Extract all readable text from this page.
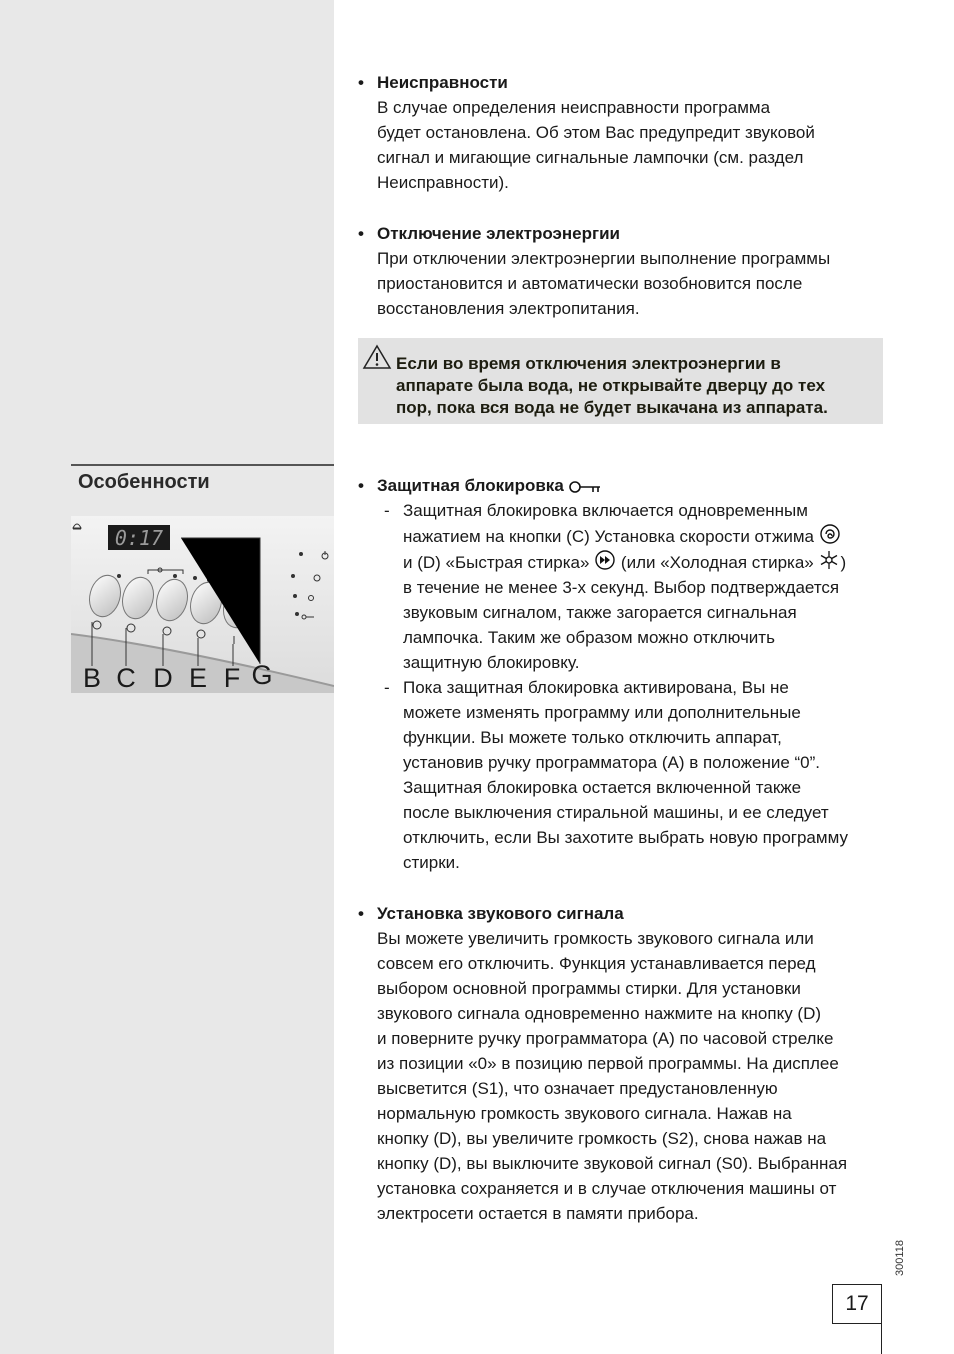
• Неисправности
В случае определения неисправности программа
будет остановлена. Об этом Вас предупредит звуковой
сигнал и мигающие сигнальные лампочки (см. раздел
Неисправности).
• Отключение электроэнергии
При отключении электроэнергии выполнение программы
приостановится и автоматически возобновится после
восстановления электропитания.
Если во время отключения электроэнергии в
аппарате была вода, не открывайте дверцу до тех
пор, пока вся вода не будет выкачана из аппарата.
Особенности
0:17
B C D E F G
• Защитная блокировка
- Защитная блокировка включается одновременным
нажатием на кнопки (C) Установка скорости отжима
и (D) «Быстрая стирка» (или «Холодная стирка» )
в течение не менее 3-х секунд. Выбор подтверждается
звуковым сигналом, также загорается сигнальная
лампочка. Таким же образом можно отключить
защитную блокировку.
- Пока защитная блокировка активирована, Вы не
можете изменять программу или дополнительные
функции. Вы можете только отключить аппарат,
установив ручку программатора (A) в положение “0”.
Защитная блокировка остается включенной также
после выключения стиральной машины, и ее следует
отключить, если Вы захотите выбрать новую программу
стирки.
• Установка звукового сигнала
Вы можете увеличить громкость звукового сигнала или
совсем его отключить. Функция устанавливается перед
выбором основной программы стирки. Для установки
звукового сигнала одновременно нажмите на кнопку (D)
и поверните ручку программатора (A) по часовой стрелке
из позиции «0» в позицию первой программы. На дисплее
высветится (S1), что означает предустановленную
нормальную громкость звукового сигнала. Нажав на
кнопку (D), вы увеличите громкость (S2), снова нажав на
кнопку (D), вы выключите звуковой сигнал (S0). Выбранная
установка сохраняется и в случае отключения машины от
электросети остается в памяти прибора.
300118
17
